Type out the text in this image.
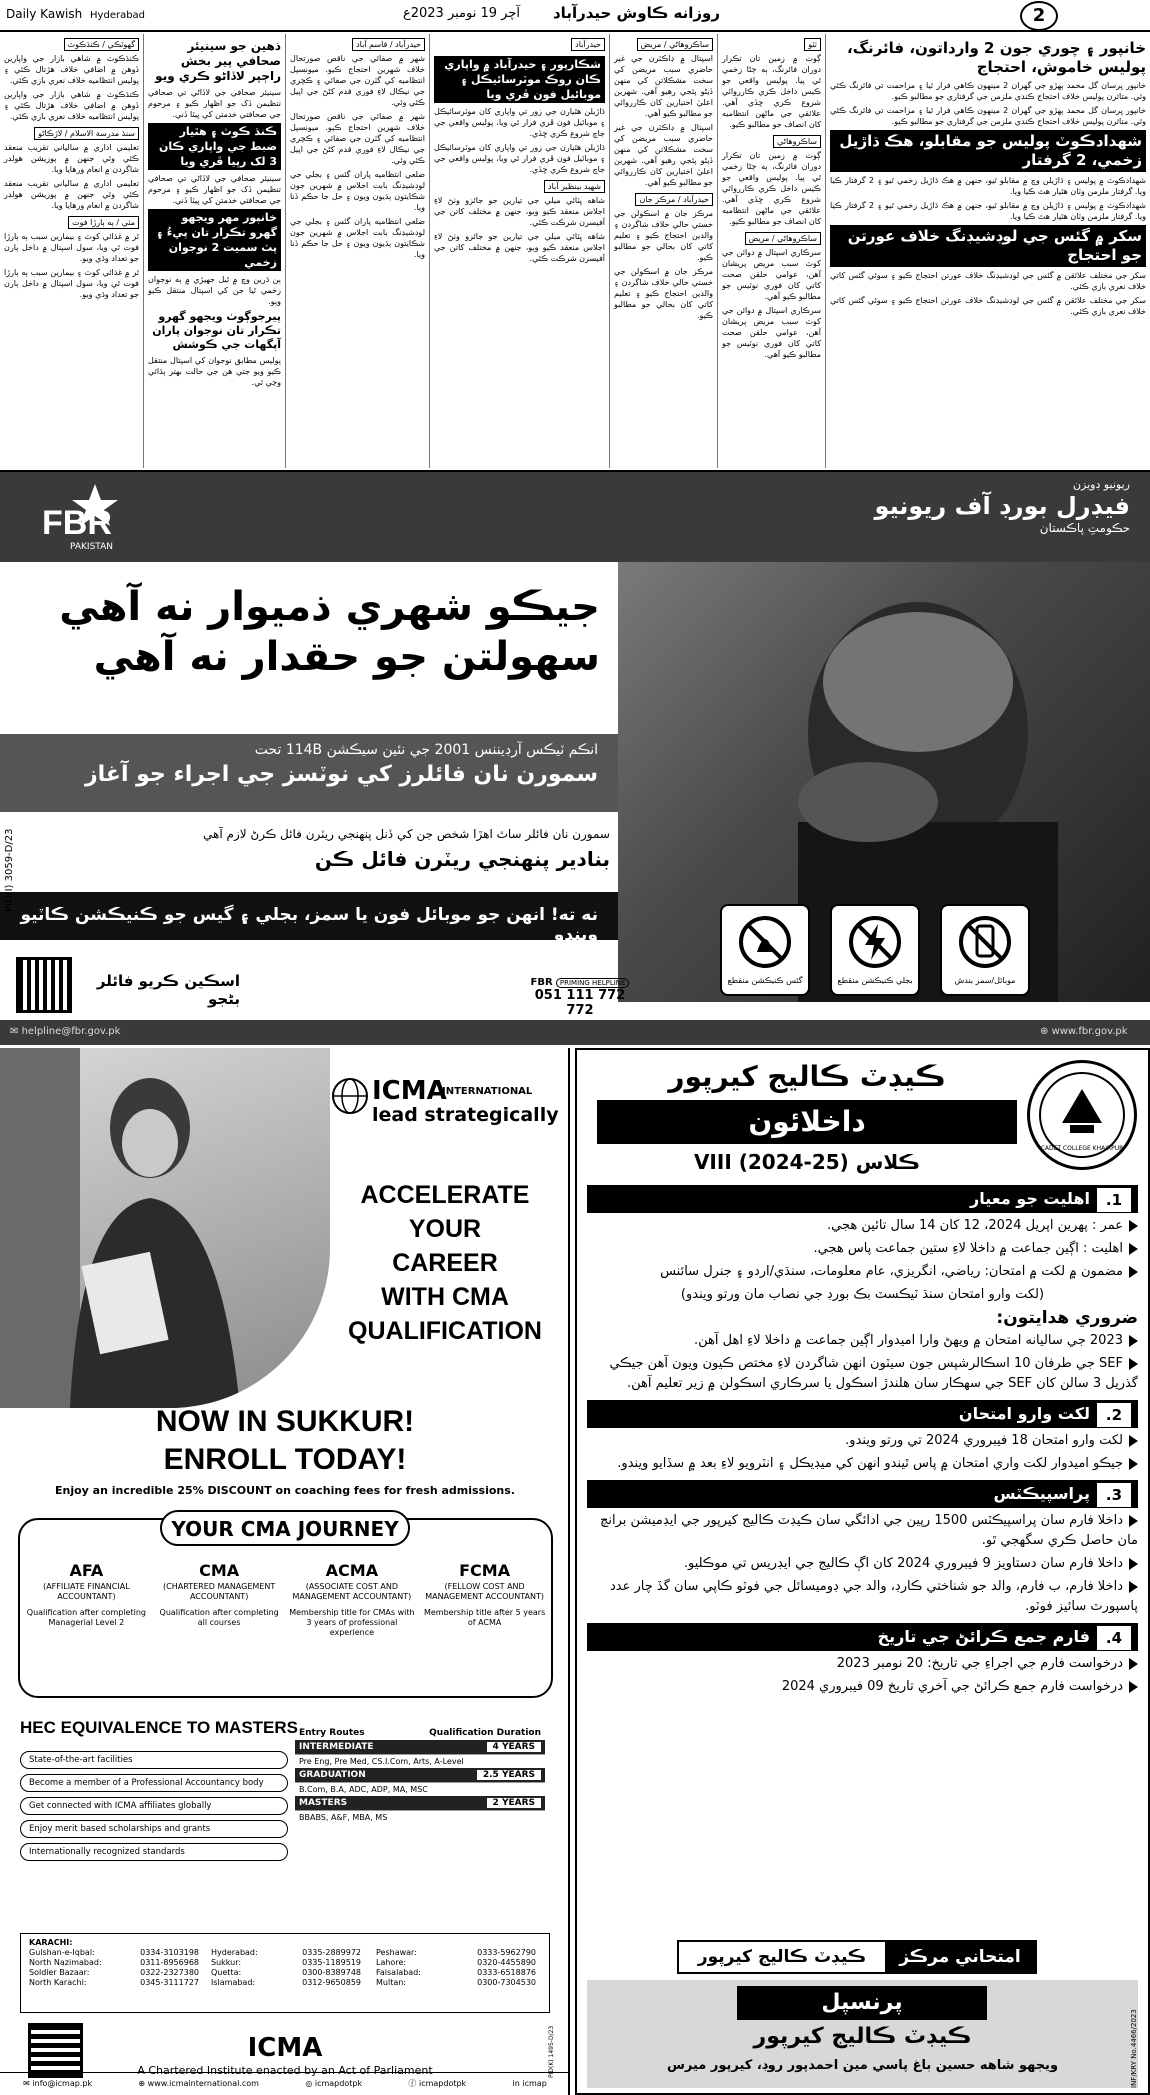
Daily Kawish Hyderabad	روزانه ڪاوش حيدرآباد
آچر 19 نومبر 2023ع	2
خانپور ۽ چوري جون 2 وارداتون، فائرنگ، پوليس خاموش، احتجاج

خانپور ڀرسان گل محمد ٻهڙو جي گهران 2 مينهون ڪاهي فرار ٿيا ۽ مزاحمت تي فائرنگ ڪئي وئي. متاثرن پوليس خلاف احتجاج ڪندي ملزمن جي گرفتاري جو مطالبو ڪيو.

خانپور ڀرسان گل محمد ٻهڙو جي گهران 2 مينهون ڪاهي فرار ٿيا ۽ مزاحمت تي فائرنگ ڪئي وئي. متاثرن پوليس خلاف احتجاج ڪندي ملزمن جي گرفتاري جو مطالبو ڪيو.

شهدادڪوٽ پوليس جو مقابلو، هڪ ڌاڙيل زخمي، 2 گرفتار

شهدادڪوٽ ۾ پوليس ۽ ڌاڙيلن وچ ۾ مقابلو ٿيو، جنهن ۾ هڪ ڌاڙيل زخمي ٿيو ۽ 2 گرفتار ڪيا ويا. گرفتار ملزمن وٽان هٿيار هٿ ڪيا ويا.

شهدادڪوٽ ۾ پوليس ۽ ڌاڙيلن وچ ۾ مقابلو ٿيو، جنهن ۾ هڪ ڌاڙيل زخمي ٿيو ۽ 2 گرفتار ڪيا ويا. گرفتار ملزمن وٽان هٿيار هٿ ڪيا ويا.

سکر ۾ گئس جي لوڊشيڊنگ خلاف عورتن جو احتجاج

سکر جي مختلف علائقن ۾ گئس جي لوڊشيڊنگ خلاف عورتن احتجاج ڪيو ۽ سوئي گئس کاتي خلاف نعري بازي ڪئي.

سکر جي مختلف علائقن ۾ گئس جي لوڊشيڊنگ خلاف عورتن احتجاج ڪيو ۽ سوئي گئس کاتي خلاف نعري بازي ڪئي.

ٺٽو

ڳوٺ ۾ زمين تان تڪرار دوران فائرنگ، ٻه ڄڻا زخمي ٿي پيا. پوليس واقعي جو ڪيس داخل ڪري ڪارروائي شروع ڪري ڇڏي آهي. علائقي جي ماڻهن انتظاميه کان انصاف جو مطالبو ڪيو.

ساڪروهاڻي

ڳوٺ ۾ زمين تان تڪرار دوران فائرنگ، ٻه ڄڻا زخمي ٿي پيا. پوليس واقعي جو ڪيس داخل ڪري ڪارروائي شروع ڪري ڇڏي آهي. علائقي جي ماڻهن انتظاميه کان انصاف جو مطالبو ڪيو.

ساڪروهاڻي / مريض

سرڪاري اسپتال ۾ دوائن جي کوٽ سبب مريض پريشان آهن، عوامي حلقن صحت کاتي کان فوري نوٽيس جو مطالبو ڪيو آهي.

سرڪاري اسپتال ۾ دوائن جي کوٽ سبب مريض پريشان آهن، عوامي حلقن صحت کاتي کان فوري نوٽيس جو مطالبو ڪيو آهي.

ساڪروهاڻي / مريض

اسپتال ۾ ڊاڪٽرن جي غير حاضري سبب مريضن کي سخت مشڪلاتن کي منهن ڏيڻو پئجي رهيو آهي. شهرين اعليٰ اختيارين کان ڪارروائي جو مطالبو ڪيو آهي.

اسپتال ۾ ڊاڪٽرن جي غير حاضري سبب مريضن کي سخت مشڪلاتن کي منهن ڏيڻو پئجي رهيو آهي. شهرين اعليٰ اختيارين کان ڪارروائي جو مطالبو ڪيو آهي.

حيدرآباد / مرڪز جان

مرڪز جان ۾ اسڪولن جي خستي حالي خلاف شاگردن ۽ والدين احتجاج ڪيو ۽ تعليم کاتي کان بحالي جو مطالبو ڪيو.

مرڪز جان ۾ اسڪولن جي خستي حالي خلاف شاگردن ۽ والدين احتجاج ڪيو ۽ تعليم کاتي کان بحالي جو مطالبو ڪيو.

حيدرآباد
شڪارپور ۽ حيدرآباد ۾ واپاري ڪان روڪ موٽرسائيڪل ۽ موبائيل فون ڦري ويا

ڌاڙيلن هٿيارن جي زور تي واپاري کان موٽرسائيڪل ۽ موبائيل فون ڦري فرار ٿي ويا، پوليس واقعي جي جاچ شروع ڪري ڇڏي.

ڌاڙيلن هٿيارن جي زور تي واپاري کان موٽرسائيڪل ۽ موبائيل فون ڦري فرار ٿي ويا، پوليس واقعي جي جاچ شروع ڪري ڇڏي.

شهيد بينظير آباد

شاهه ڀٽائي ميلي جي تيارين جو جائزو وٺڻ لاءِ اجلاس منعقد ڪيو ويو، جنهن ۾ مختلف کاتن جي آفيسرن شرڪت ڪئي.

شاهه ڀٽائي ميلي جي تيارين جو جائزو وٺڻ لاءِ اجلاس منعقد ڪيو ويو، جنهن ۾ مختلف کاتن جي آفيسرن شرڪت ڪئي.

حيدرآباد / قاسم آباد

شهر ۾ صفائي جي ناقص صورتحال خلاف شهرين احتجاج ڪيو. ميونسپل انتظاميه کي گٽرن جي صفائي ۽ ڪچري جي نيڪال لاءِ فوري قدم کڻڻ جي اپيل ڪئي وئي.

شهر ۾ صفائي جي ناقص صورتحال خلاف شهرين احتجاج ڪيو. ميونسپل انتظاميه کي گٽرن جي صفائي ۽ ڪچري جي نيڪال لاءِ فوري قدم کڻڻ جي اپيل ڪئي وئي.

ضلعي انتظاميه پاران گئس ۽ بجلي جي لوڊشيڊنگ بابت اجلاس ۾ شهرين جون شڪايتون ٻڌيون ويون ۽ حل جا حڪم ڏنا ويا.

ضلعي انتظاميه پاران گئس ۽ بجلي جي لوڊشيڊنگ بابت اجلاس ۾ شهرين جون شڪايتون ٻڌيون ويون ۽ حل جا حڪم ڏنا ويا.

ذهين جو سينيئر صحافي پير بخش راڄپر لاڏاڻو ڪري ويو

سينيئر صحافي جي لاڏاڻي تي صحافي تنظيمن ڏک جو اظهار ڪيو ۽ مرحوم جي صحافتي خدمتن کي ڀيٽا ڏني.

ڪنڌ ڪوٽ ۽ هٿيار ضبط جي واپاري ڪان 3 لک رپيا ڦري ويا

سينيئر صحافي جي لاڏاڻي تي صحافي تنظيمن ڏک جو اظهار ڪيو ۽ مرحوم جي صحافتي خدمتن کي ڀيٽا ڏني.

خانپور مهر ويجهو گهرو تڪرار تان پيءُ ۽ پٽ سميت 2 نوجوان زخمي

ٻن ڌرين وچ ۾ ٿيل جهيڙي ۾ ٻه نوجوان زخمي ٿيا جن کي اسپتال منتقل ڪيو ويو.

پيرجوڳوٺ ويجهو گهرو تڪرار تان نوجوان پاران آپگهات جي ڪوشش

پوليس مطابق نوجوان کي اسپتال منتقل ڪيو ويو جتي هن جي حالت بهتر ٻڌائي وڃي ٿي.

گهوٽڪي / ڪنڌڪوٽ

ڪنڌڪوٽ ۾ شاهي بازار جي واپارين ڏوهن ۾ اضافي خلاف هڙتال ڪئي ۽ پوليس انتظاميه خلاف نعري بازي ڪئي.

ڪنڌڪوٽ ۾ شاهي بازار جي واپارين ڏوهن ۾ اضافي خلاف هڙتال ڪئي ۽ پوليس انتظاميه خلاف نعري بازي ڪئي.

سنڌ مدرسة الاسلام / لاڙڪاڻو

تعليمي اداري ۾ سالياني تقريب منعقد ڪئي وئي جنهن ۾ پوزيشن هولڊر شاگردن ۾ انعام ورهايا ويا.

تعليمي اداري ۾ سالياني تقريب منعقد ڪئي وئي جنهن ۾ پوزيشن هولڊر شاگردن ۾ انعام ورهايا ويا.

مٺي / ٻه ٻارڙا فوت

ٿر ۾ غذائي کوٽ ۽ بيمارين سبب ٻه ٻارڙا فوت ٿي ويا، سول اسپتال ۾ داخل ٻارن جو تعداد وڌي ويو.

ٿر ۾ غذائي کوٽ ۽ بيمارين سبب ٻه ٻارڙا فوت ٿي ويا، سول اسپتال ۾ داخل ٻارن جو تعداد وڌي ويو.

FBR
PAKISTAN
ريونيو ڊويزن
فيڊرل بورڊ آف ريونيو
حڪومتِ پاڪستان
جيڪو شهري ذميوار نه آهي
سهولتن جو حقدار نه آهي
انڪم ٽيڪس آرڊيننس 2001 جي نئين سيڪشن 114B تحت
سمورن نان فائلرز کي نوٽسز جي اجراء جو آغاز
سمورن نان فائلر ساٿ اهڙا شخص جن کي ڏنل پنهنجي ريٽرن فائل ڪرڻ لازم آهي
بنادير پنهنجي ريٽرن فائل ڪن
نه ته! انهن جو موبائل فون يا سمز، بجلي ۽ گيس جو ڪنيڪشن ڪاٽيو ويندو
PID(I) 3059-D/23
اسڪين ڪريو فائلر بڻجو
گئس ڪنيڪشن منقطع	بجلي ڪنيڪشن منقطع	موبائل/سمز بندش
FBR PRIMING HELPLINE
051 111 772 772
✉ helpline@fbr.gov.pk	⊕ www.fbr.gov.pk
ICMA
INTERNATIONAL
lead strategically
ACCELERATE
YOUR
CAREER
WITH CMA
QUALIFICATION
NOW IN SUKKUR!
ENROLL TODAY!
Enjoy an incredible 25% DISCOUNT on coaching fees for fresh admissions.
YOUR CMA JOURNEY
AFA
(AFFILIATE FINANCIAL ACCOUNTANT)
Qualification after completing Managerial Level 2
CMA
(CHARTERED MANAGEMENT ACCOUNTANT)
Qualification after completing all courses
ACMA
(ASSOCIATE COST AND MANAGEMENT ACCOUNTANT)
Membership title for CMAs with 3 years of professional experience
FCMA
(FELLOW COST AND MANAGEMENT ACCOUNTANT)
Membership title after 5 years of ACMA
HEC EQUIVALENCE TO MASTERS
State-of-the-art facilities
Become a member of a Professional Accountancy body
Get connected with ICMA affiliates globally
Enjoy merit based scholarships and grants
Internationally recognized standards
Entry Routes	Qualification Duration
INTERMEDIATE	4 YEARS
Pre Eng, Pre Med, CS.I.Com, Arts, A-Level
GRADUATION	2.5 YEARS
B.Com, B.A, ADC, ADP, MA, MSC
MASTERS	2 YEARS
BBABS, A&F, MBA, MS
KARACHI:
Gulshan-e-Iqbal:	0334-3103198
North Nazimabad:	0311-8956968
Soldier Bazaar:	0322-2327380
North Karachi:	0345-3111727
Hyderabad:	0335-2889972
Sukkur:	0335-1189519
Quetta:	0300-8389748
Islamabad:	0312-9650859
Peshawar:	0333-5962790
Lahore:	0320-4455890
Faisalabad:	0333-6518876
Multan:	0300-7304530
ICMA
A Chartered Institute enacted by an Act of Parliament	PID(K) 1495-D/23
✉ info@icmap.pk	⊕ www.icmainternational.com	◎ icmapdotpk	ⓕ icmapdotpk	in icmap
CADET COLLEGE KHAIRPUR
ڪيڊٽ ڪاليج کيرپور
داخلائون
ڪلاس VIII (2024-25)
.1
اهليت جو معيار
عمر : پهرين اپريل 2024، 12 کان 14 سال تائين هجي.
اهليت : اڳين جماعت ۾ داخلا لاءِ ستين جماعت پاس هجي.
مضمون ۾ لکت ۾ امتحان: رياضي، انگريزي، عام معلومات، سنڌي/اردو ۽ جنرل سائنس
(لکت وارو امتحان سنڌ ٽيڪسٽ بڪ بورڊ جي نصاب مان ورتو ويندو)
ضروري هدايتون:
2023 جي ساليانه امتحان ۾ ويهڻ وارا اميدوار اڳين جماعت ۾ داخلا لاءِ اهل آهن.
SEF جي طرفان 10 اسڪالرشپس جون سيٽون انهن شاگردن لاءِ مختص ڪيون ويون آهن جيڪي گذريل 3 سالن کان SEF جي سهڪار سان هلندڙ اسڪول يا سرڪاري اسڪولن ۾ زير تعليم آهن.
.2
لکت وارو امتحان
لکت وارو امتحان 18 فيبروري 2024 تي ورتو ويندو.
جيڪو اميدوار لکت واري امتحان ۾ پاس ٿيندو انهن کي ميڊيڪل ۽ انٽرويو لاءِ بعد ۾ سڏايو ويندو.
.3
پراسپيڪٽس
داخلا فارم سان پراسپيڪٽس 1500 رپين جي ادائگي سان ڪيڊٽ ڪاليج کيرپور جي ايڊميشن برانچ مان حاصل ڪري سگهجي ٿو.
داخلا فارم سان دستاويز 9 فيبروري 2024 کان اڳ ڪاليج جي ايڊريس تي موڪليو.
داخلا فارم، ب فارم، والد جو شناختي ڪارڊ، والد جي ڊوميسائل جي فوٽو ڪاپي سان گڏ چار عدد پاسپورٽ سائيز فوٽو.
.4
فارم جمع ڪرائڻ جي تاريخ
درخواست فارم جي اجراءِ جي تاريخ: 20 نومبر 2023
درخواست فارم جمع ڪرائڻ جي آخري تاريخ 09 فيبروري 2024
امتحاني مرڪز
ڪيڊٽ ڪاليج کيرپور
پرنسپل
ڪيڊٽ ڪاليج کيرپور
ويجهو شاهه حسين باغ پاسي مين احمدپور روڊ، کيرپور ميرس	INF/KRY No.4466/2023
